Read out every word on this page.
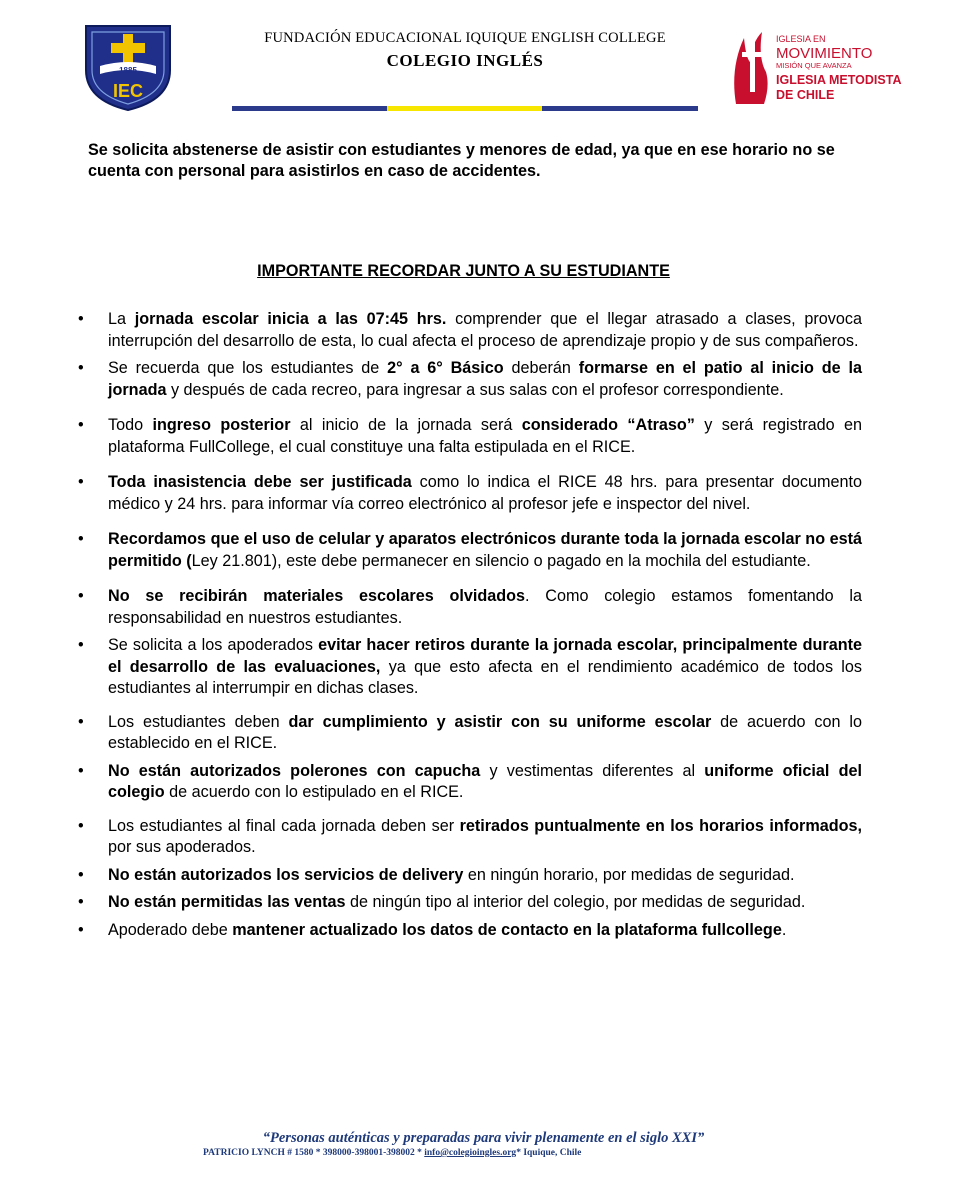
1885
IEC
FUNDACIÓN EDUCACIONAL IQUIQUE ENGLISH COLLEGE
COLEGIO INGLÉS
IGLESIA EN
MOVIMIENTO
MISIÓN QUE AVANZA
IGLESIA METODISTA
DE CHILE
Se solicita abstenerse de asistir con estudiantes y menores de edad, ya que en ese horario no se cuenta con personal para asistirlos en caso de accidentes.
IMPORTANTE RECORDAR JUNTO A SU ESTUDIANTE
• La jornada escolar inicia a las 07:45 hrs. comprender que el llegar atrasado a clases, provoca interrupción del desarrollo de esta, lo cual afecta el proceso de aprendizaje propio y de sus compañeros.
• Se recuerda que los estudiantes de 2° a 6° Básico deberán formarse en el patio al inicio de la jornada y después de cada recreo, para ingresar a sus salas con el profesor correspondiente.
• Todo ingreso posterior al inicio de la jornada será considerado “Atraso” y será registrado en plataforma FullCollege, el cual constituye una falta estipulada en el RICE.
• Toda inasistencia debe ser justificada como lo indica el RICE 48 hrs. para presentar documento médico y 24 hrs. para informar vía correo electrónico al profesor jefe e inspector del nivel.
• Recordamos que el uso de celular y aparatos electrónicos durante toda la jornada escolar no está permitido (Ley 21.801), este debe permanecer en silencio o pagado en la mochila del estudiante.
• No se recibirán materiales escolares olvidados. Como colegio estamos fomentando la responsabilidad en nuestros estudiantes.
• Se solicita a los apoderados evitar hacer retiros durante la jornada escolar, principalmente durante el desarrollo de las evaluaciones, ya que esto afecta en el rendimiento académico de todos los estudiantes al interrumpir en dichas clases.
• Los estudiantes deben dar cumplimiento y asistir con su uniforme escolar de acuerdo con lo establecido en el RICE.
• No están autorizados polerones con capucha y vestimentas diferentes al uniforme oficial del colegio de acuerdo con lo estipulado en el RICE.
• Los estudiantes al final cada jornada deben ser retirados puntualmente en los horarios informados, por sus apoderados.
• No están autorizados los servicios de delivery en ningún horario, por medidas de seguridad.
• No están permitidas las ventas de ningún tipo al interior del colegio, por medidas de seguridad.
• Apoderado debe mantener actualizado los datos de contacto en la plataforma fullcollege.
“Personas auténticas y preparadas para vivir plenamente en el siglo XXI”
PATRICIO LYNCH # 1580 * 398000-398001-398002 * info@colegioingles.org* Iquique, Chile
